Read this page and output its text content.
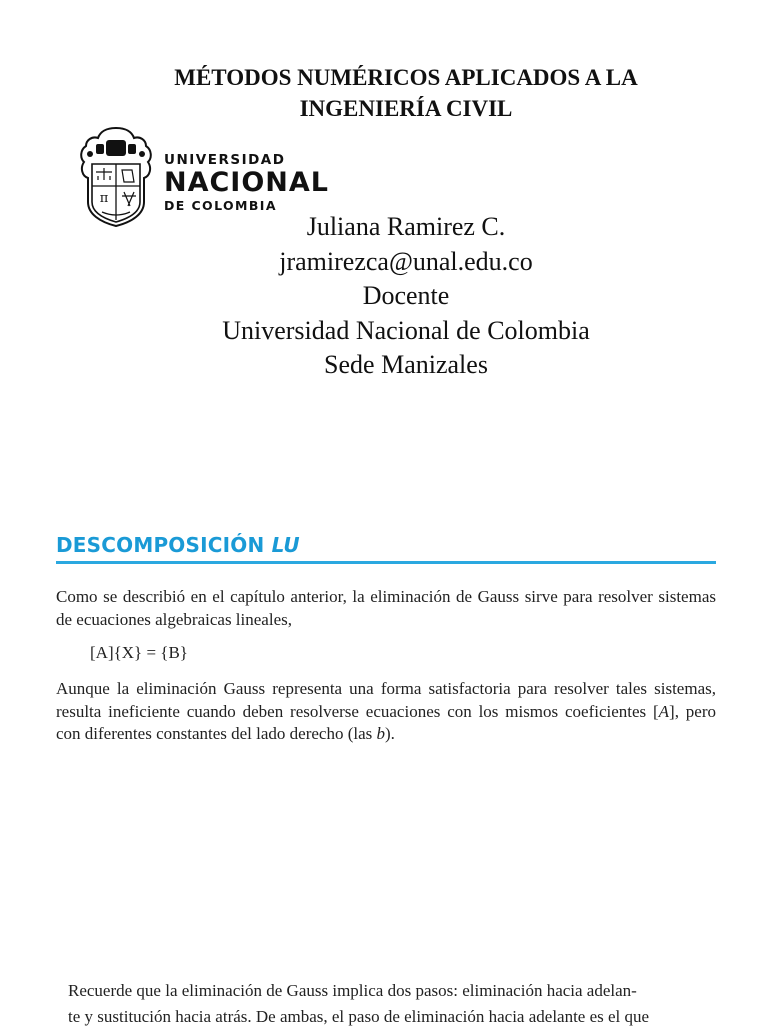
MÉTODOS NUMÉRICOS APLICADOS A LA
INGENIERÍA CIVIL
π
UNIVERSIDAD
NACIONAL
DE COLOMBIA
Juliana Ramirez C.
jramirezca@unal.edu.co
Docente
Universidad Nacional de Colombia
Sede Manizales
DESCOMPOSICIÓN LU
Como se describió en el capítulo anterior, la eliminación de Gauss sirve para resolver sistemas de ecuaciones algebraicas lineales,
[A]{X} = {B}
Aunque la eliminación Gauss representa una forma satisfactoria para resolver tales sistemas, resulta ineficiente cuando deben resolverse ecuaciones con los mismos coeficientes [A], pero con diferentes constantes del lado derecho (las b).
Recuerde que la eliminación de Gauss implica dos pasos: eliminación hacia adelan-
te y sustitución hacia atrás. De ambas, el paso de eliminación hacia adelante es el que
